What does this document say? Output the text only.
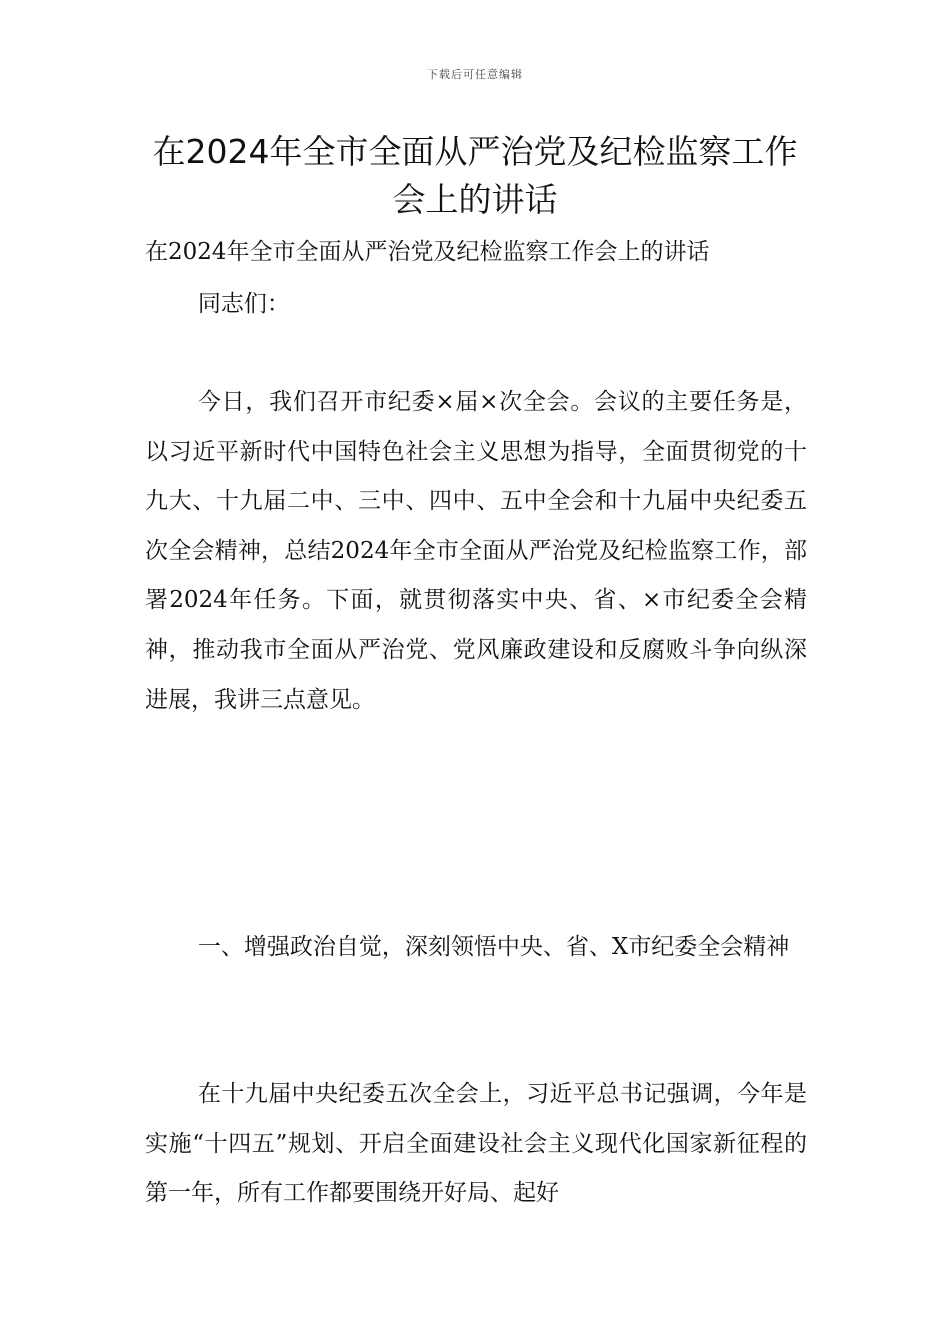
下载后可任意编辑
在2024年全市全面从严治党及纪检监察工作会上的讲话

在2024年全市全面从严治党及纪检监察工作会上的讲话

同志们：

今日，我们召开市纪委×届×次全会。会议的主要任务是，以习近平新时代中国特色社会主义思想为指导，全面贯彻党的十九大、十九届二中、三中、四中、五中全会和十九届中央纪委五次全会精神，总结2024年全市全面从严治党及纪检监察工作，部署2024年任务。下面，就贯彻落实中央、省、×市纪委全会精神，推动我市全面从严治党、党风廉政建设和反腐败斗争向纵深进展，我讲三点意见。

一、增强政治自觉，深刻领悟中央、省、X市纪委全会精神

在十九届中央纪委五次全会上，习近平总书记强调，今年是实施“十四五”规划、开启全面建设社会主义现代化国家新征程的第一年，所有工作都要围绕开好局、起好
